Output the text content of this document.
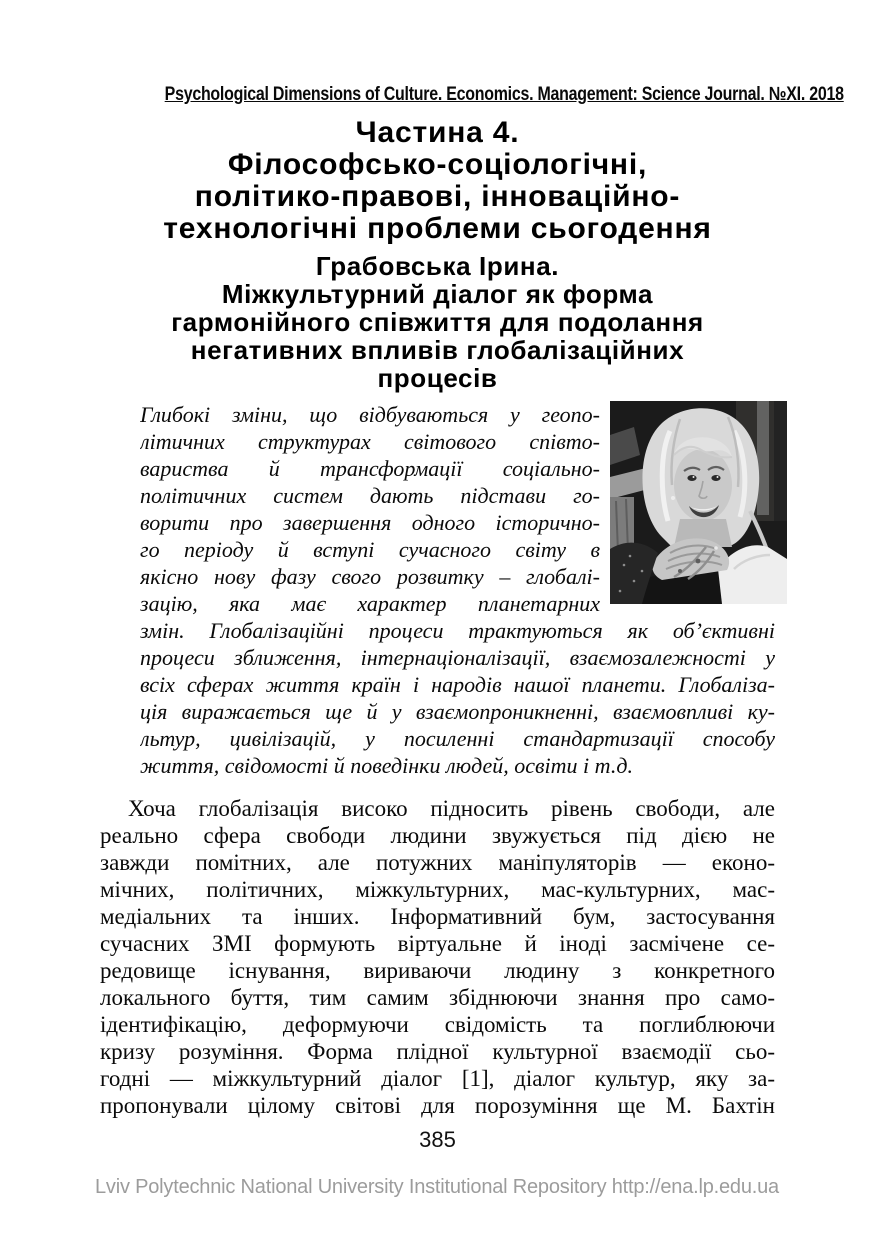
Psychological Dimensions of Culture. Economics. Management: Science Journal. №XI. 2018
Частина 4.
Філософсько-соціологічні,
політико-правові, інноваційно-
технологічні проблеми сьогодення
Грабовська Ірина.
Міжкультурний діалог як форма
гармонійного співжиття для подолання
негативних впливів глобалізаційних
процесів
Глибокі зміни, що відбуваються у геопо-
літичних структурах світового співто-
вариства й трансформації соціально-
політичних систем дають підстави го-
ворити про завершення одного історично-
го періоду й вступі сучасного світу в
якісно нову фазу свого розвитку – глобалі-
зацію, яка має характер планетарних
змін. Глобалізаційні процеси трактуються як об’єктивні
процеси зближення, інтернаціоналізації, взаємозалежності у
всіх сферах життя країн і народів нашої планети. Глобаліза-
ція виражається ще й у взаємопроникненні, взаємовпливі ку-
льтур, цивілізацій, у посиленні стандартизації способу
життя, свідомості й поведінки людей, освіти і т.д.
Хоча глобалізація високо підносить рівень свободи, але
реально сфера свободи людини звужується під дією не
завжди помітних, але потужних маніпуляторів — еконо-
мічних, політичних, міжкультурних, мас-культурних, мас-
медіальних та інших. Інформативний бум, застосування
сучасних ЗМІ формують віртуальне й іноді засмічене се-
редовище існування, вириваючи людину з конкретного
локального буття, тим самим збіднюючи знання про само-
ідентифікацію, деформуючи свідомість та поглиблюючи
кризу розуміння. Форма плідної культурної взаємодії сьо-
годні — міжкультурний діалог [1], діалог культур, яку за-
пропонували цілому світові для порозуміння ще М. Бахтін
385
Lviv Polytechnic National University Institutional Repository http://ena.lp.edu.ua
